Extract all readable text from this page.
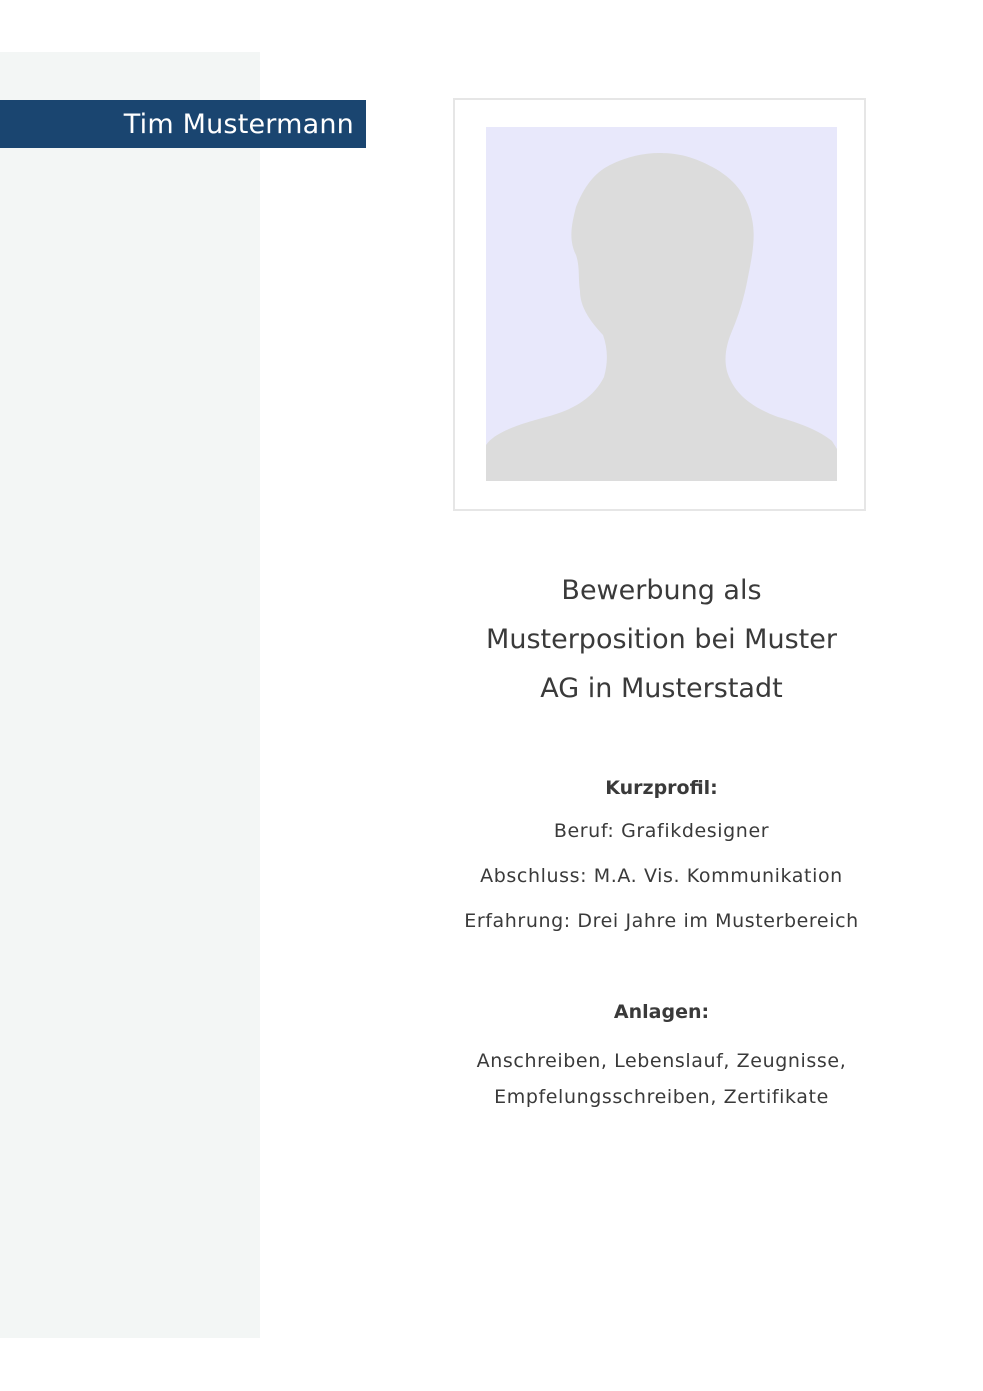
Tim Mustermann
Bewerbung als
Musterposition bei Muster
AG in Musterstadt
Kurzprofil:
Beruf: Grafikdesigner
Abschluss: M.A. Vis. Kommunikation
Erfahrung: Drei Jahre im Musterbereich
Anlagen:
Anschreiben, Lebenslauf, Zeugnisse,
Empfelungsschreiben, Zertifikate
